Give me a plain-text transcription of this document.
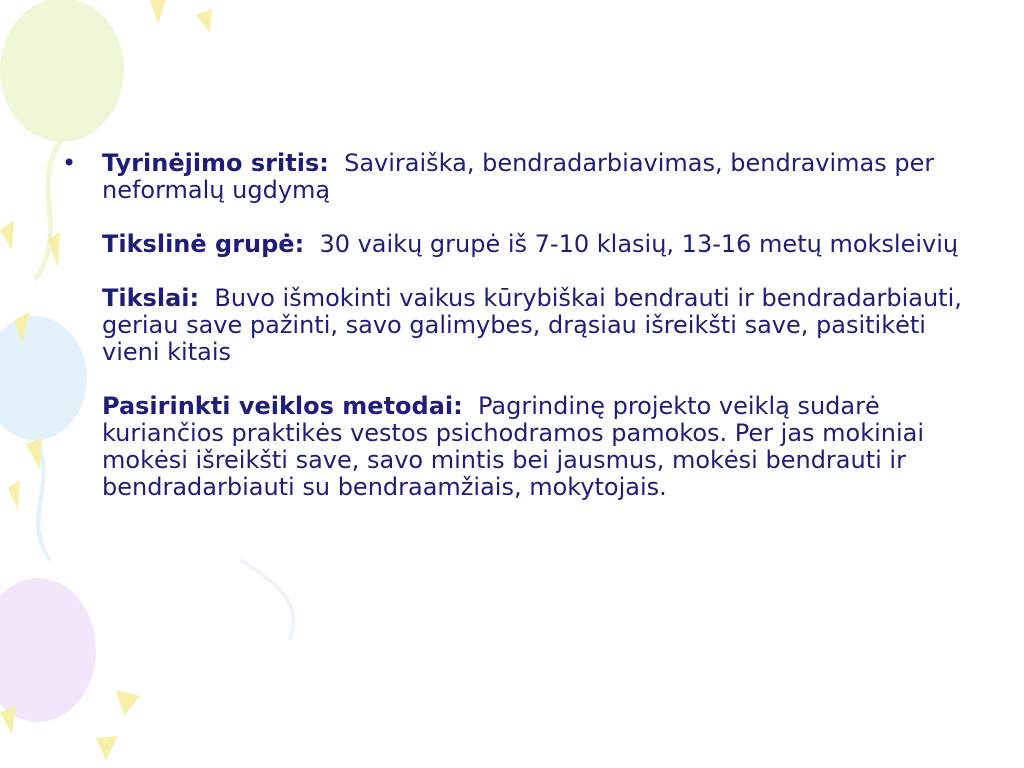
•	Tyrinėjimo sritis: Saviraiška, bendradarbiavimas, bendravimas per neformalų ugdymą
Tikslinė grupė: 30 vaikų grupė iš 7-10 klasių, 13-16 metų moksleivių
Tikslai: Buvo išmokinti vaikus kūrybiškai bendrauti ir bendradarbiauti, geriau save pažinti, savo galimybes, drąsiau išreikšti save, pasitikėti vieni kitais
Pasirinkti veiklos metodai: Pagrindinę projekto veiklą sudarė kuriančios praktikės vestos psichodramos pamokos. Per jas mokiniai mokėsi išreikšti save, savo mintis bei jausmus, mokėsi bendrauti ir bendradarbiauti su bendraamžiais, mokytojais.
